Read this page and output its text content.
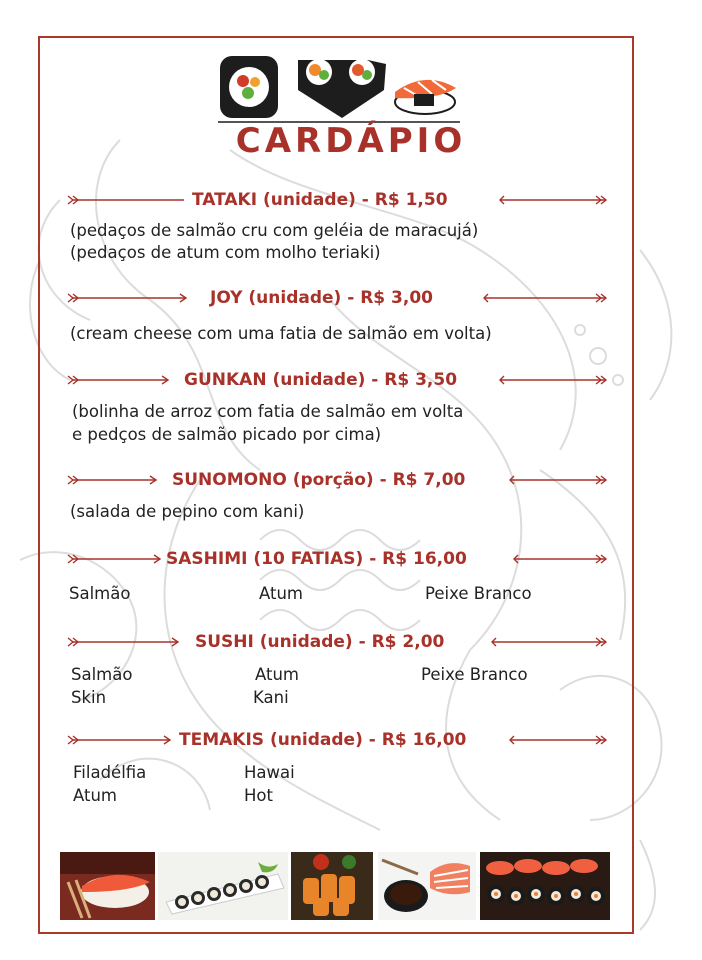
CARDÁPIO
TATAKI (unidade) - R$ 1,50
(pedaços de salmão cru com geléia de maracujá)
(pedaços de atum com molho teriaki)
JOY (unidade) - R$ 3,00
(cream cheese com uma fatia de salmão em volta)
GUNKAN (unidade) - R$ 3,50
(bolinha de arroz com fatia de salmão em volta
e pedços de salmão picado por cima)
SUNOMONO (porção) - R$ 7,00
(salada de pepino com kani)
SASHIMI (10 FATIAS) - R$ 16,00
Salmão	Atum	Peixe Branco
SUSHI (unidade) - R$ 2,00
Salmão	Atum	Peixe Branco
Skin	Kani
TEMAKIS (unidade) - R$ 16,00
Filadélfia	Hawai
Atum	Hot
